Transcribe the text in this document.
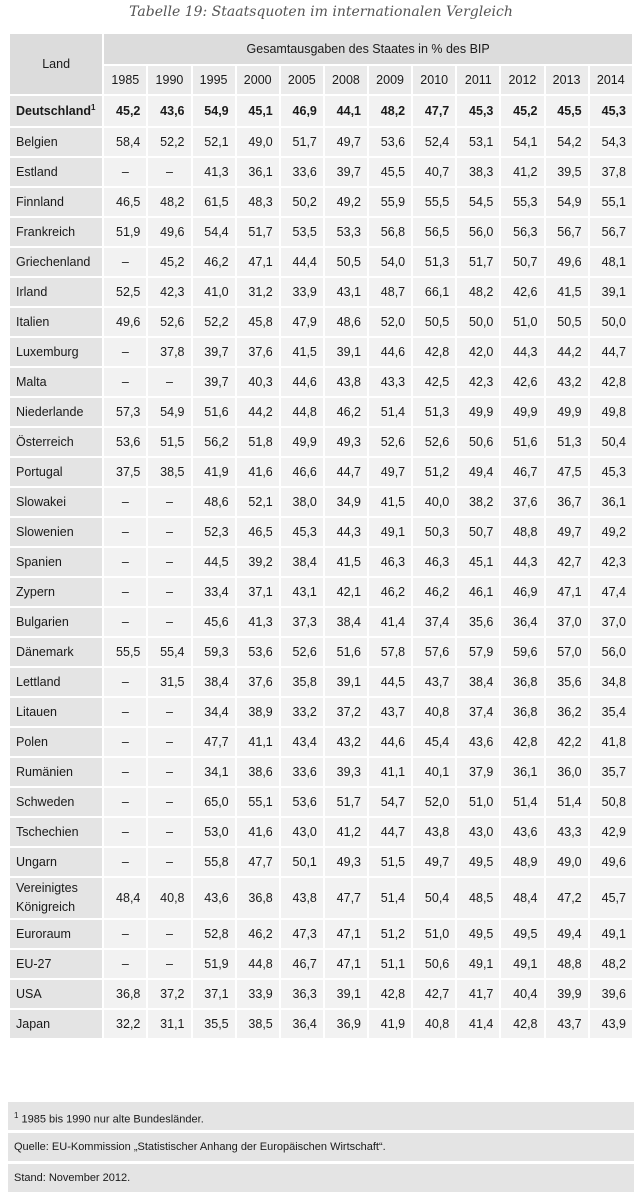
Tabelle 19: Staatsquoten im internationalen Vergleich
Land	Gesamtausgaben des Staates in % des BIP											
	1985	1990	1995	2000	2005	2008	2009	2010	2011	2012	2013	2014
Deutschland$^1$	45,2	43,6	54,9	45,1	46,9	44,1	48,2	47,7	45,3	45,2	45,5	45,3
Belgien	58,4	52,2	52,1	49,0	51,7	49,7	53,6	52,4	53,1	54,1	54,2	54,3
Estland	–	–	41,3	36,1	33,6	39,7	45,5	40,7	38,3	41,2	39,5	37,8
Finnland	46,5	48,2	61,5	48,3	50,2	49,2	55,9	55,5	54,5	55,3	54,9	55,1
Frankreich	51,9	49,6	54,4	51,7	53,5	53,3	56,8	56,5	56,0	56,3	56,7	56,7
Griechenland	–	45,2	46,2	47,1	44,4	50,5	54,0	51,3	51,7	50,7	49,6	48,1
Irland	52,5	42,3	41,0	31,2	33,9	43,1	48,7	66,1	48,2	42,6	41,5	39,1
Italien	49,6	52,6	52,2	45,8	47,9	48,6	52,0	50,5	50,0	51,0	50,5	50,0
Luxemburg	–	37,8	39,7	37,6	41,5	39,1	44,6	42,8	42,0	44,3	44,2	44,7
Malta	–	–	39,7	40,3	44,6	43,8	43,3	42,5	42,3	42,6	43,2	42,8
Niederlande	57,3	54,9	51,6	44,2	44,8	46,2	51,4	51,3	49,9	49,9	49,9	49,8
Österreich	53,6	51,5	56,2	51,8	49,9	49,3	52,6	52,6	50,6	51,6	51,3	50,4
Portugal	37,5	38,5	41,9	41,6	46,6	44,7	49,7	51,2	49,4	46,7	47,5	45,3
Slowakei	–	–	48,6	52,1	38,0	34,9	41,5	40,0	38,2	37,6	36,7	36,1
Slowenien	–	–	52,3	46,5	45,3	44,3	49,1	50,3	50,7	48,8	49,7	49,2
Spanien	–	–	44,5	39,2	38,4	41,5	46,3	46,3	45,1	44,3	42,7	42,3
Zypern	–	–	33,4	37,1	43,1	42,1	46,2	46,2	46,1	46,9	47,1	47,4
Bulgarien	–	–	45,6	41,3	37,3	38,4	41,4	37,4	35,6	36,4	37,0	37,0
Dänemark	55,5	55,4	59,3	53,6	52,6	51,6	57,8	57,6	57,9	59,6	57,0	56,0
Lettland	–	31,5	38,4	37,6	35,8	39,1	44,5	43,7	38,4	36,8	35,6	34,8
Litauen	–	–	34,4	38,9	33,2	37,2	43,7	40,8	37,4	36,8	36,2	35,4
Polen	–	–	47,7	41,1	43,4	43,2	44,6	45,4	43,6	42,8	42,2	41,8
Rumänien	–	–	34,1	38,6	33,6	39,3	41,1	40,1	37,9	36,1	36,0	35,7
Schweden	–	–	65,0	55,1	53,6	51,7	54,7	52,0	51,0	51,4	51,4	50,8
Tschechien	–	–	53,0	41,6	43,0	41,2	44,7	43,8	43,0	43,6	43,3	42,9
Ungarn	–	–	55,8	47,7	50,1	49,3	51,5	49,7	49,5	48,9	49,0	49,6
Vereinigtes Königreich	48,4	40,8	43,6	36,8	43,8	47,7	51,4	50,4	48,5	48,4	47,2	45,7
Euroraum	–	–	52,8	46,2	47,3	47,1	51,2	51,0	49,5	49,5	49,4	49,1
EU-27	–	–	51,9	44,8	46,7	47,1	51,1	50,6	49,1	49,1	48,8	48,2
USA	36,8	37,2	37,1	33,9	36,3	39,1	42,8	42,7	41,7	40,4	39,9	39,6
Japan	32,2	31,1	35,5	38,5	36,4	36,9	41,9	40,8	41,4	42,8	43,7	43,9
$^1$ 1985 bis 1990 nur alte Bundesländer.
Quelle: EU-Kommission „Statistischer Anhang der Europäischen Wirtschaft“.
Stand: November 2012.
